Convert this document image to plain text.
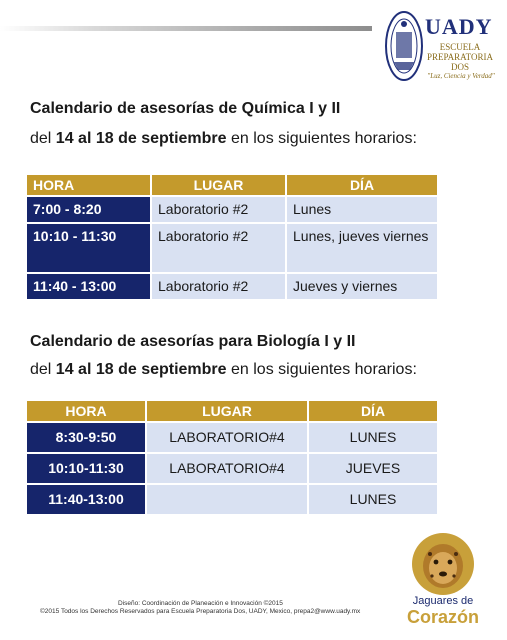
UADY
ESCUELA
PREPARATORIA
DOS
"Luz, Ciencia y Verdad"
Calendario de asesorías de Química I y II
del 14 al 18 de septiembre en los siguientes horarios:
HORA	LUGAR	DÍA
7:00 - 8:20	Laboratorio #2	Lunes
10:10 - 11:30	Laboratorio #2	Lunes, jueves viernes
11:40 - 13:00	Laboratorio #2	Jueves y viernes
Calendario de asesorías para Biología I y II
del 14 al 18 de septiembre en los siguientes horarios:
HORA	LUGAR	DÍA
8:30-9:50	LABORATORIO#4	LUNES
10:10-11:30	LABORATORIO#4	JUEVES
11:40-13:00		LUNES
Jaguares de
Corazón
Diseño: Coordinación de Planeación e Innovación ©2015
©2015 Todos los Derechos Reservados para Escuela Preparatoria Dos, UADY, Mexico, prepa2@www.uady.mx
